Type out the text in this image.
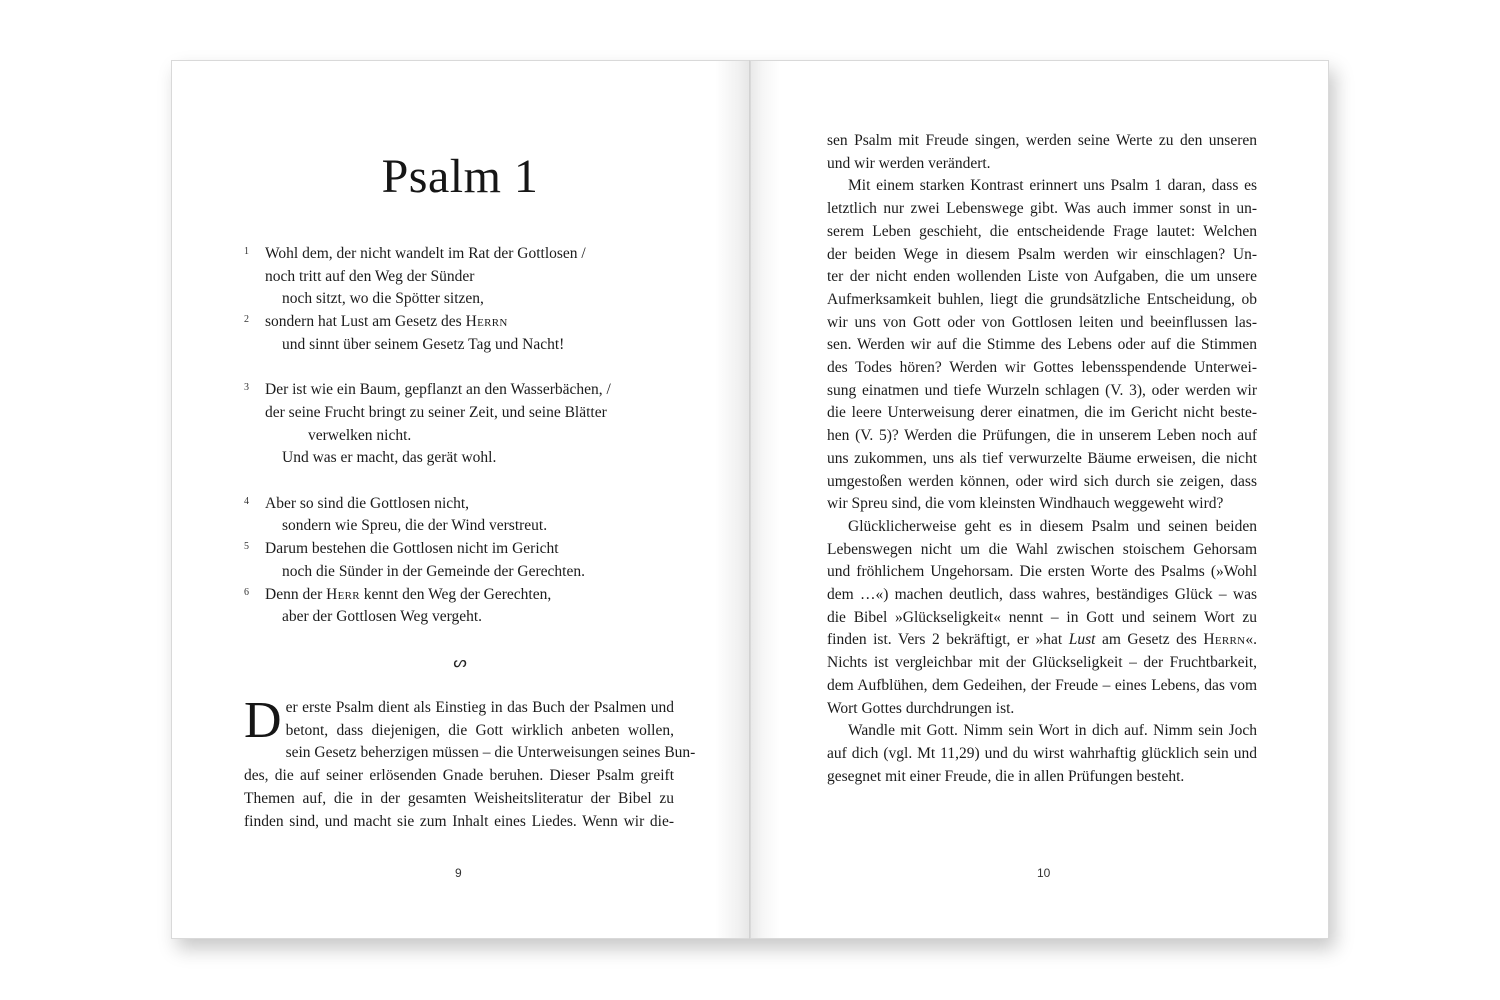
Psalm 1
1 Wohl dem, der nicht wandelt im Rat der Gottlosen /
noch tritt auf den Weg der Sünder
noch sitzt, wo die Spötter sitzen,
2 sondern hat Lust am Gesetz des Herrn
und sinnt über seinem Gesetz Tag und Nacht!
3 Der ist wie ein Baum, gepflanzt an den Wasserbächen, /
der seine Frucht bringt zu seiner Zeit, und seine Blätter
verwelken nicht.
Und was er macht, das gerät wohl.
4 Aber so sind die Gottlosen nicht,
sondern wie Spreu, die der Wind verstreut.
5 Darum bestehen die Gottlosen nicht im Gericht
noch die Sünder in der Gemeinde der Gerechten.
6 Denn der Herr kennt den Weg der Gerechten,
aber der Gottlosen Weg vergeht.
ᔕ
D er erste Psalm dient als Einstieg in das Buch der Psalmen und
betont, dass diejenigen, die Gott wirklich anbeten wollen,
sein Gesetz beherzigen müssen – die Unterweisungen seines Bun-
des, die auf seiner erlösenden Gnade beruhen. Dieser Psalm greift
Themen auf, die in der gesamten Weisheitsliteratur der Bibel zu
finden sind, und macht sie zum Inhalt eines Liedes. Wenn wir die-
9
sen Psalm mit Freude singen, werden seine Werte zu den unseren
und wir werden verändert.
Mit einem starken Kontrast erinnert uns Psalm 1 daran, dass es
letztlich nur zwei Lebenswege gibt. Was auch immer sonst in un-
serem Leben geschieht, die entscheidende Frage lautet: Welchen
der beiden Wege in diesem Psalm werden wir einschlagen? Un-
ter der nicht enden wollenden Liste von Aufgaben, die um unsere
Aufmerksamkeit buhlen, liegt die grundsätzliche Entscheidung, ob
wir uns von Gott oder von Gottlosen leiten und beeinflussen las-
sen. Werden wir auf die Stimme des Lebens oder auf die Stimmen
des Todes hören? Werden wir Gottes lebensspendende Unterwei-
sung einatmen und tiefe Wurzeln schlagen (V. 3), oder werden wir
die leere Unterweisung derer einatmen, die im Gericht nicht beste-
hen (V. 5)? Werden die Prüfungen, die in unserem Leben noch auf
uns zukommen, uns als tief verwurzelte Bäume erweisen, die nicht
umgestoßen werden können, oder wird sich durch sie zeigen, dass
wir Spreu sind, die vom kleinsten Windhauch weggeweht wird?
Glücklicherweise geht es in diesem Psalm und seinen beiden
Lebenswegen nicht um die Wahl zwischen stoischem Gehorsam
und fröhlichem Ungehorsam. Die ersten Worte des Psalms (»Wohl
dem …«) machen deutlich, dass wahres, beständiges Glück – was
die Bibel »Glückseligkeit« nennt – in Gott und seinem Wort zu
finden ist. Vers 2 bekräftigt, er »hat Lust am Gesetz des Herrn«.
Nichts ist vergleichbar mit der Glückseligkeit – der Fruchtbarkeit,
dem Aufblühen, dem Gedeihen, der Freude – eines Lebens, das vom
Wort Gottes durchdrungen ist.
Wandle mit Gott. Nimm sein Wort in dich auf. Nimm sein Joch
auf dich (vgl. Mt 11,29) und du wirst wahrhaftig glücklich sein und
gesegnet mit einer Freude, die in allen Prüfungen besteht.
10
